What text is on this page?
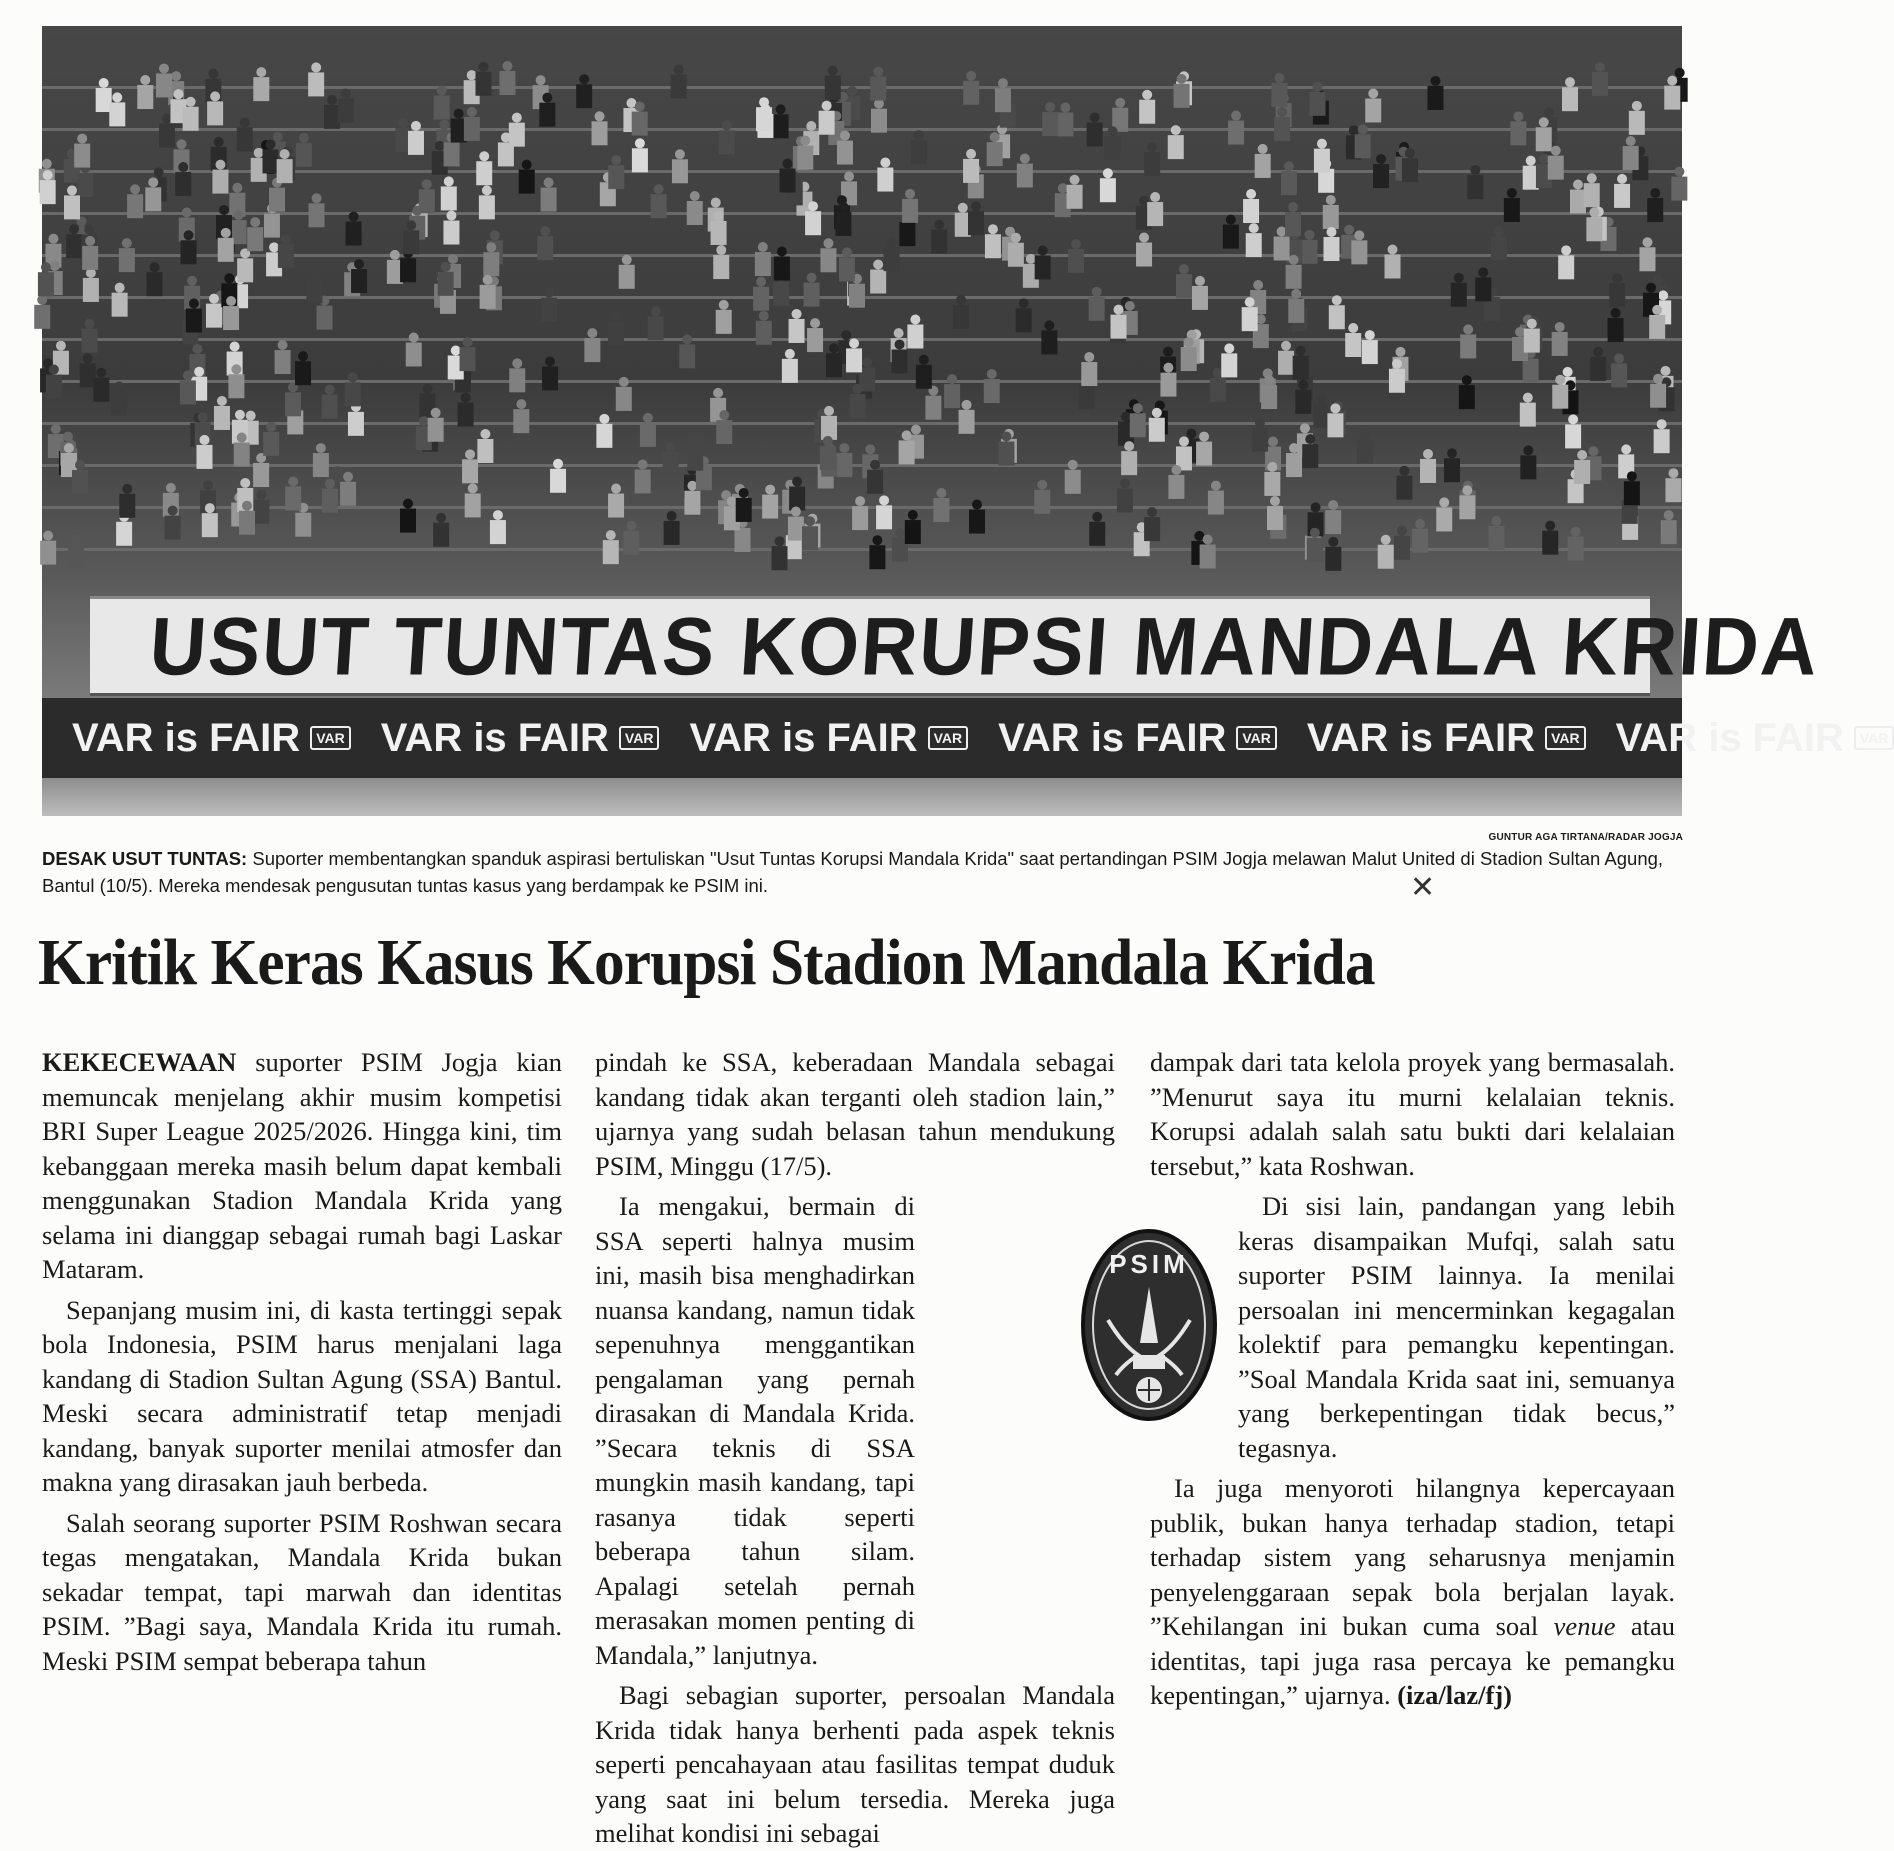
USUT TUNTAS KORUPSI MANDALA KRIDA
VAR is FAIR	VAR VAR is FAIR	VAR VAR is FAIR	VAR VAR is FAIR	VAR VAR is FAIR	VAR VAR is FAIR	VAR
GUNTUR AGA TIRTANA/RADAR JOGJA
DESAK USUT TUNTAS: Suporter membentangkan spanduk aspirasi bertuliskan "Usut Tuntas Korupsi Mandala Krida" saat pertandingan PSIM Jogja melawan Malut United di Stadion Sultan Agung, Bantul (10/5). Mereka mendesak pengusutan tuntas kasus yang berdampak ke PSIM ini.	✕
Kritik Keras Kasus Korupsi Stadion Mandala Krida

KEKECEWAAN suporter PSIM Jogja kian memuncak menjelang akhir musim kompetisi BRI Super League 2025/2026. Hingga kini, tim kebanggaan mereka masih belum dapat kembali menggunakan Stadion Mandala Krida yang selama ini dianggap sebagai rumah bagi Laskar Mataram.

Sepanjang musim ini, di kasta tertinggi sepak bola Indonesia, PSIM harus menjalani laga kandang di Stadion Sultan Agung (SSA) Bantul. Meski secara administratif tetap menjadi kandang, banyak suporter menilai atmosfer dan makna yang dirasakan jauh berbeda.

Salah seorang suporter PSIM Roshwan secara tegas mengatakan, Mandala Krida bukan sekadar tempat, tapi marwah dan identitas PSIM. ”Bagi saya, Mandala Krida itu rumah. Meski PSIM sempat beberapa tahun

pindah ke SSA, keberadaan Mandala sebagai kandang tidak akan terganti oleh stadion lain,” ujarnya yang sudah belasan tahun mendukung PSIM, Minggu (17/5).

Ia mengakui, bermain di SSA seperti halnya musim ini, masih bisa menghadirkan nuansa kandang, namun tidak sepenuhnya menggantikan pengalaman yang pernah dirasakan di Mandala Krida. ”Secara teknis di SSA mungkin masih kandang, tapi rasanya tidak seperti beberapa tahun silam. Apalagi setelah pernah merasakan momen penting di Mandala,” lanjutnya.

Bagi sebagian suporter, persoalan Mandala Krida tidak hanya berhenti pada aspek teknis seperti pencahayaan atau fasilitas tempat duduk yang saat ini belum tersedia. Mereka juga melihat kondisi ini sebagai

PSIM

dampak dari tata kelola proyek yang bermasalah. ”Menurut saya itu murni kelalaian teknis. Korupsi adalah salah satu bukti dari kelalaian tersebut,” kata Roshwan.

Di sisi lain, pandangan yang lebih keras disampaikan Mufqi, salah satu suporter PSIM lainnya. Ia menilai persoalan ini mencerminkan kegagalan kolektif para pemangku kepentingan. ”Soal Mandala Krida saat ini, semuanya yang berkepentingan tidak becus,” tegasnya.

Ia juga menyoroti hilangnya kepercayaan publik, bukan hanya terhadap stadion, tetapi terhadap sistem yang seharusnya menjamin penyelenggaraan sepak bola berjalan layak. ”Kehilangan ini bukan cuma soal venue atau identitas, tapi juga rasa percaya ke pemangku kepentingan,” ujarnya. (iza/laz/fj)
